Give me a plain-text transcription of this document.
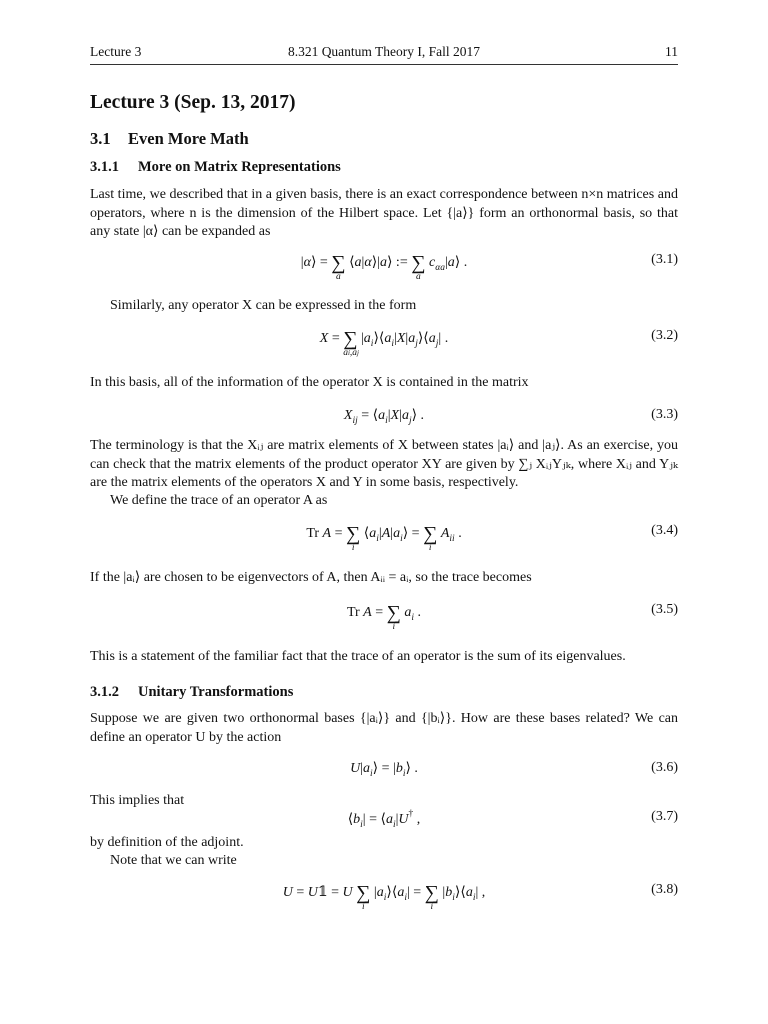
Lecture 3	8.321 Quantum Theory I, Fall 2017	11
Lecture 3 (Sep. 13, 2017)
3.1 Even More Math
3.1.1 More on Matrix Representations
Last time, we described that in a given basis, there is an exact correspondence between n×n matrices and operators, where n is the dimension of the Hilbert space. Let {|a⟩} form an orthonormal basis, so that any state |α⟩ can be expanded as
|α⟩ = ∑
a
⟨a|α⟩|a⟩ := ∑
a
$c_{\alpha a}|a⟩$ .	(3.1)
Similarly, any operator X can be expressed in the form
X = ∑
ai,aj
$|a_i⟩⟨a_i|X|a_j⟩⟨a_j|$ .	(3.2)
In this basis, all of the information of the operator X is contained in the matrix
$X_{ij}$ = $⟨a_i|X|a_j⟩$ .	(3.3)
The terminology is that the Xᵢⱼ are matrix elements of X between states |aᵢ⟩ and |aⱼ⟩. As an exercise, you can check that the matrix elements of the product operator XY are given by ∑ⱼ XᵢⱼYⱼₖ, where Xᵢⱼ and Yⱼₖ are the matrix elements of the operators X and Y in some basis, respectively.
We define the trace of an operator A as
Tr A = ∑
i
$⟨a_i|A|a_i⟩$ = ∑
i
$A_{ii}$ .	(3.4)
If the |aᵢ⟩ are chosen to be eigenvectors of A, then Aᵢᵢ = aᵢ, so the trace becomes
Tr A = ∑
i
$a_i$ .	(3.5)
This is a statement of the familiar fact that the trace of an operator is the sum of its eigenvalues.
3.1.2 Unitary Transformations
Suppose we are given two orthonormal bases {|aᵢ⟩} and {|bᵢ⟩}. How are these bases related? We can define an operator U by the action
$U|a_i⟩$ = $|b_i⟩$ .	(3.6)
This implies that
$⟨b_i|$ = $⟨a_i|U^\dagger$ ,	(3.7)
by definition of the adjoint.
Note that we can write
U = U𝟙 = U ∑
i
$|a_i⟩⟨a_i|$ = ∑
i
$|b_i⟩⟨a_i|$ ,	(3.8)
